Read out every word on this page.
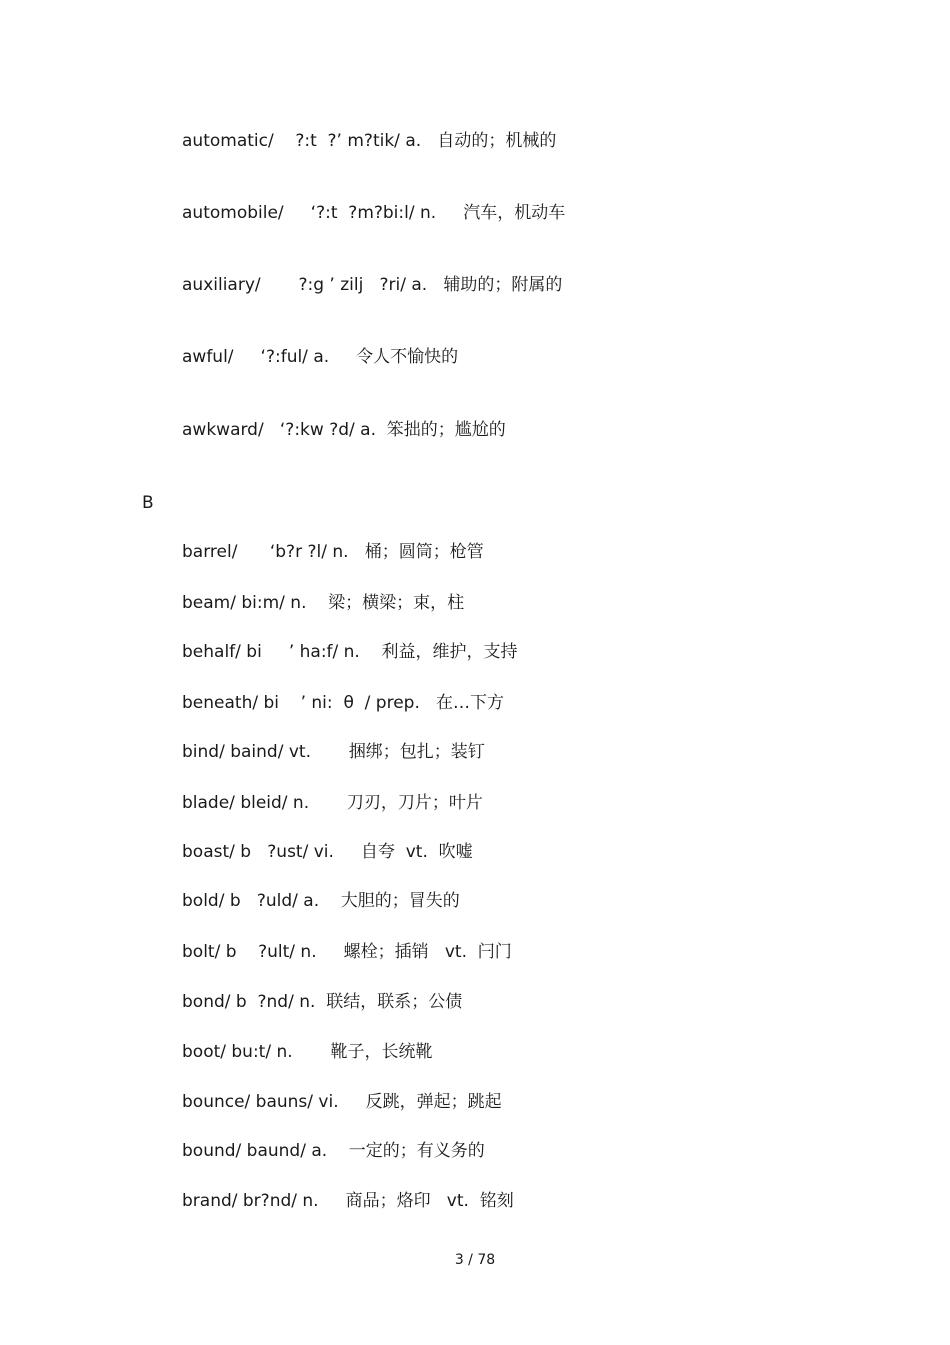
automatic/    ?:t  ?’ m?tik/ a.   自动的；机械的

automobile/     ‘?:t  ?m?bi:l/ n.     汽车，机动车

auxiliary/       ?:g ’ zilj   ?ri/ a.   辅助的；附属的

awful/     ‘?:ful/ a.     令人不愉快的

awkward/   ‘?:kw ?d/ a.  笨拙的；尴尬的

B

barrel/      ‘b?r ?l/ n.   桶；圆筒；枪管

beam/ bi:m/ n.    梁；横梁；束，柱

behalf/ bi     ’ ha:f/ n.    利益，维护，支持

beneath/ bi    ’ ni:  θ  / prep.   在…下方

bind/ baind/ vt.       捆绑；包扎；装钉

blade/ bleid/ n.       刀刃，刀片；叶片

boast/ b   ?ust/ vi.     自夸  vt.  吹嘘

bold/ b   ?uld/ a.    大胆的；冒失的

bolt/ b    ?ult/ n.     螺栓；插销   vt.  闩门

bond/ b  ?nd/ n.  联结，联系；公债

boot/ bu:t/ n.       靴子，长统靴

bounce/ bauns/ vi.     反跳，弹起；跳起

bound/ baund/ a.    一定的；有义务的

brand/ br?nd/ n.     商品；烙印   vt.  铭刻

3 / 78
